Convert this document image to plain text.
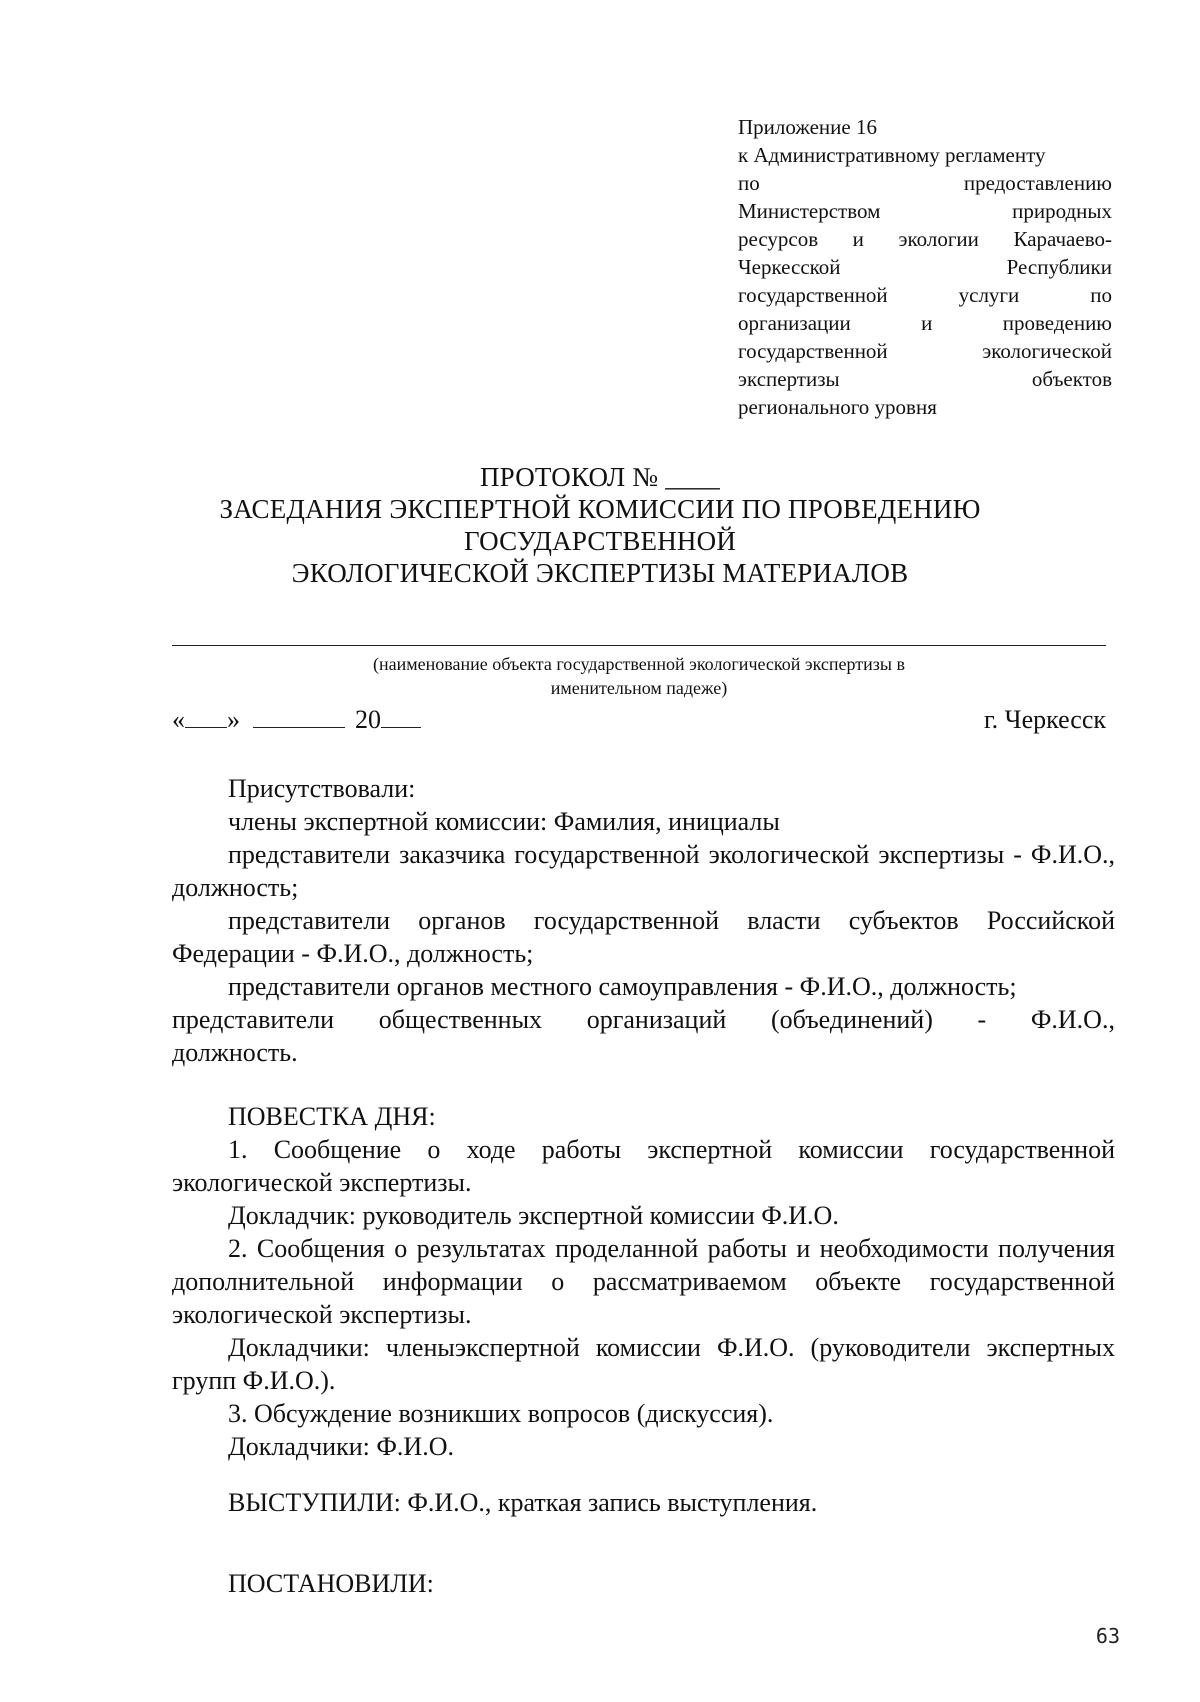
Приложение 16
к Административному регламенту
по	предоставлению
Министерством	природных
ресурсов и экологии Карачаево-
Черкесской	Республики
государственной	услуги	по
организации	и	проведению
государственной	экологической
экспертизы	объектов
регионального уровня
ПРОТОКОЛ № ____
ЗАСЕДАНИЯ ЭКСПЕРТНОЙ КОМИССИИ ПО ПРОВЕДЕНИЮ
ГОСУДАРСТВЕННОЙ
ЭКОЛОГИЧЕСКОЙ ЭКСПЕРТИЗЫ МАТЕРИАЛОВ
(наименование объекта государственной экологической экспертизы в
именительном падеже)
« »	20	г. Черкесск
Присутствовали:
члены экспертной комиссии: Фамилия, инициалы
представители заказчика государственной экологической экспертизы - Ф.И.О., должность;
представители органов государственной власти субъектов Российской Федерации - Ф.И.О., должность;
представители органов местного самоуправления - Ф.И.О., должность;
представители общественных организаций (объединений) - Ф.И.О.,
должность.
ПОВЕСТКА ДНЯ:
1. Сообщение о ходе работы экспертной комиссии государственной экологической экспертизы.
Докладчик: руководитель экспертной комиссии Ф.И.О.
2. Сообщения о результатах проделанной работы и необходимости получения дополнительной информации о рассматриваемом объекте государственной экологической экспертизы.
Докладчики: членыэкспертной комиссии Ф.И.О. (руководители экспертных групп Ф.И.О.).
3. Обсуждение возникших вопросов (дискуссия).
Докладчики: Ф.И.О.
ВЫСТУПИЛИ: Ф.И.О., краткая запись выступления.
ПОСТАНОВИЛИ:
63
